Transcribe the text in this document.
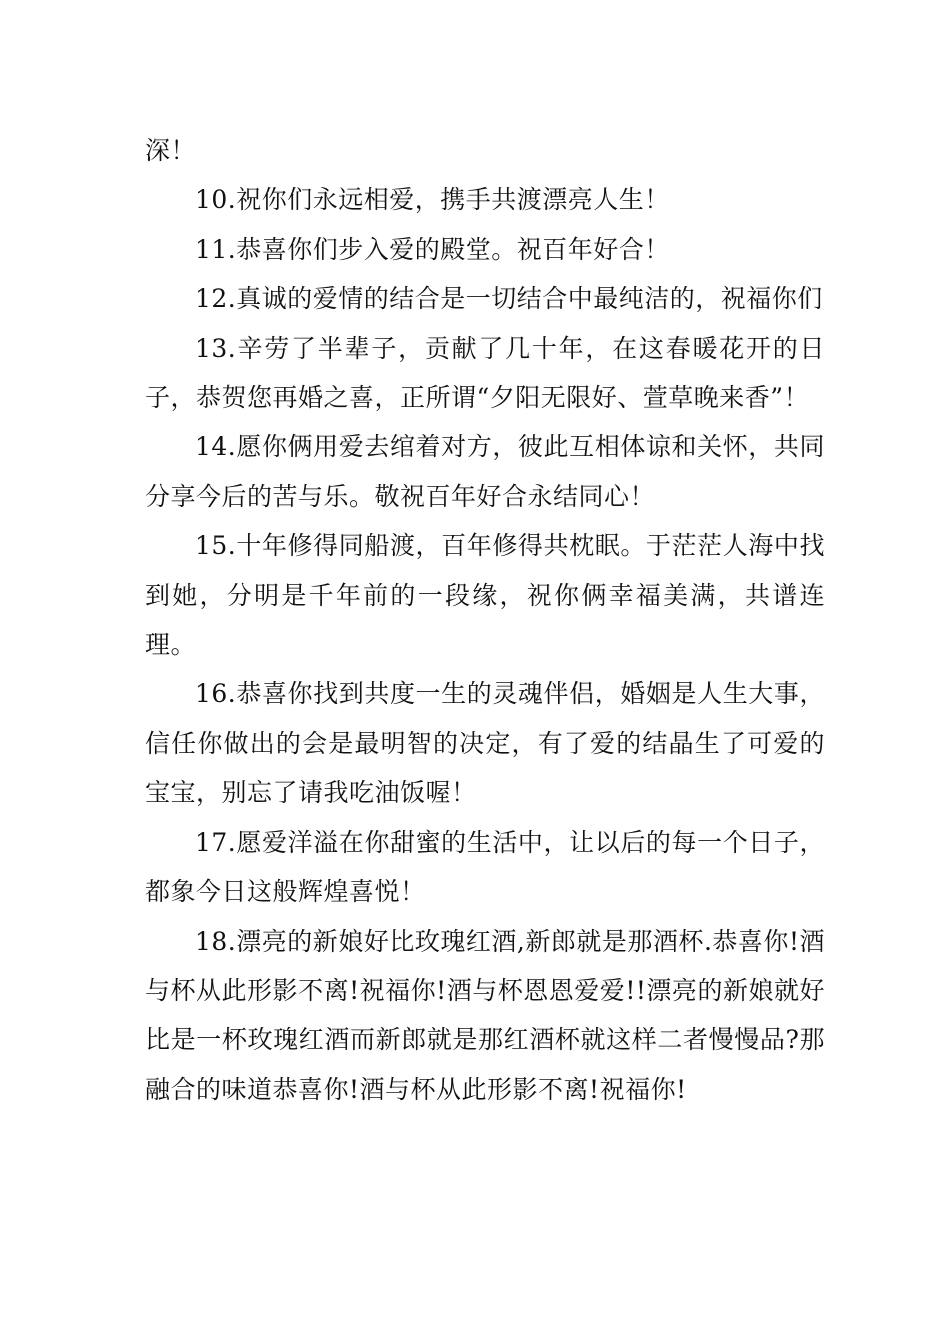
深！

10.祝你们永远相爱，携手共渡漂亮人生！

11.恭喜你们步入爱的殿堂。祝百年好合！

12.真诚的爱情的结合是一切结合中最纯洁的，祝福你们

13.辛劳了半辈子，贡献了几十年，在这春暖花开的日子，恭贺您再婚之喜，正所谓“夕阳无限好、萱草晚来香”！

14.愿你俩用爱去绾着对方，彼此互相体谅和关怀，共同分享今后的苦与乐。敬祝百年好合永结同心！

15.十年修得同船渡，百年修得共枕眠。于茫茫人海中找到她，分明是千年前的一段缘，祝你俩幸福美满，共谱连理。

16.恭喜你找到共度一生的灵魂伴侣，婚姻是人生大事，信任你做出的会是最明智的决定，有了爱的结晶生了可爱的宝宝，别忘了请我吃油饭喔！

17.愿爱洋溢在你甜蜜的生活中，让以后的每一个日子，都象今日这般辉煌喜悦！

18.漂亮的新娘好比玫瑰红酒,新郎就是那酒杯.恭喜你!酒与杯从此形影不离!祝福你!酒与杯恩恩爱爱!!漂亮的新娘就好比是一杯玫瑰红酒而新郎就是那红酒杯就这样二者慢慢品?那融合的味道恭喜你!酒与杯从此形影不离!祝福你!
